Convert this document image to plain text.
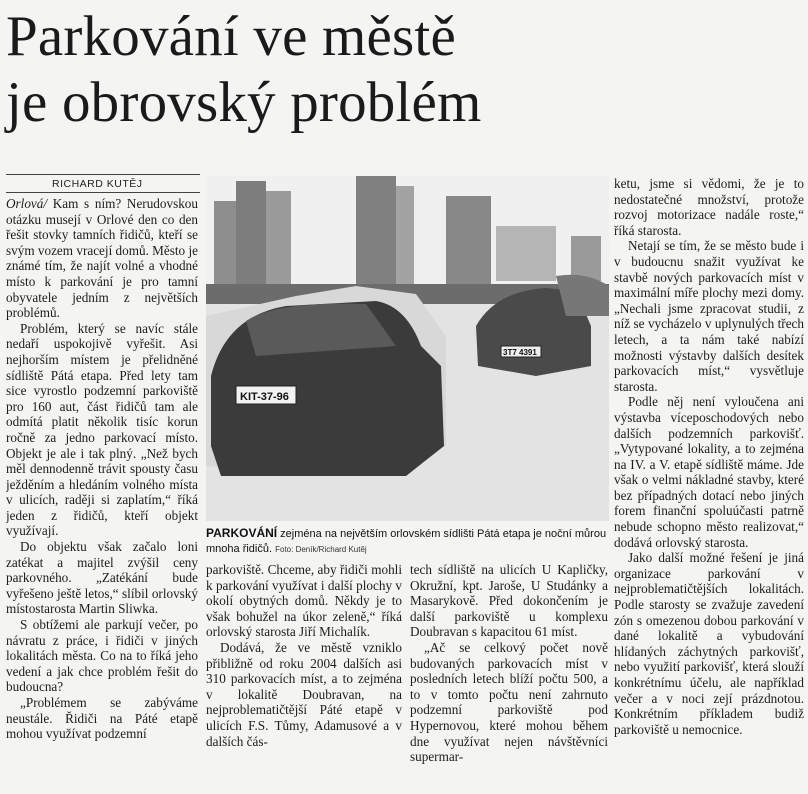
Parkování ve městě
je obrovský problém
RICHARD KUTĚJ

Orlová/ Kam s ním? Nerudovskou otázku musejí v Orlové den co den řešit stovky tamních řidičů, kteří se svým vozem vracejí domů. Město je známé tím, že najít volné a vhodné místo k parkování je pro tamní obyvatele jedním z největších problémů.

Problém, který se navíc stále nedaří uspokojivě vyřešit. Asi nejhorším místem je přelidněné sídliště Pátá etapa. Před lety tam sice vyrostlo podzemní parkoviště pro 160 aut, část řidičů tam ale odmítá platit několik tisíc korun ročně za jedno parkovací místo. Objekt je ale i tak plný. „Než bych měl dennodenně trávit spousty času ježděním a hledáním volného místa v ulicích, raději si zaplatím,“ říká jeden z řidičů, kteří objekt využívají.

Do objektu však začalo loni zatékat a majitel zvýšil ceny parkovného. „Zatékání bude vyřešeno ještě letos,“ slíbil orlovský místostarosta Martin Sliwka.

S obtížemi ale parkují večer, po návratu z práce, i řidiči v jiných lokalitách města. Co na to říká jeho vedení a jak chce problém řešit do budoucna?

„Problémem se zabýváme neustále. Řidiči na Páté etapě mohou využívat podzemní

KIT-37-96
3T7 4391
PARKOVÁNÍ zejména na největším orlovském sídlišti Pátá etapa je noční můrou mnoha řidičů. Foto: Deník/Richard Kutěj

parkoviště. Chceme, aby řidiči mohli k parkování využívat i další plochy v okolí obytných domů. Někdy je to však bohužel na úkor zeleně,“ říká orlovský starosta Jiří Michalík.

Dodává, že ve městě vzniklo přibližně od roku 2004 dalších asi 310 parkovacích míst, a to zejména v lokalitě Doubravan, na nejproblematičtější Páté etapě v ulicích F.S. Tůmy, Adamusové a v dalších čás-

tech sídliště na ulicích U Kapličky, Okružní, kpt. Jaroše, U Studánky a Masarykově. Před dokončením je další parkoviště u komplexu Doubravan s kapacitou 61 míst.

„Ač se celkový počet nově budovaných parkovacích míst v posledních letech blíží počtu 500, a to v tomto počtu není zahrnuto podzemní parkoviště pod Hypernovou, které mohou během dne využívat nejen návštěvníci supermar-

ketu, jsme si vědomi, že je to nedostatečné množství, protože rozvoj motorizace nadále roste,“ říká starosta.

Netají se tím, že se město bude i v budoucnu snažit využívat ke stavbě nových parkovacích míst v maximální míře plochy mezi domy. „Nechali jsme zpracovat studii, z níž se vycházelo v uplynulých třech letech, a ta nám také nabízí možnosti výstavby dalších desítek parkovacích míst,“ vysvětluje starosta.

Podle něj není vyloučena ani výstavba víceposchodových nebo dalších podzemních parkovišť. „Vytypované lokality, a to zejména na IV. a V. etapě sídliště máme. Jde však o velmi nákladné stavby, které bez případných dotací nebo jiných forem finanční spoluúčasti patrně nebude schopno město realizovat,“ dodává orlovský starosta.

Jako další možné řešení je jiná organizace parkování v nejproblematičtějších lokalitách. Podle starosty se zvažuje zavedení zón s omezenou dobou parkování v dané lokalitě a vybudování hlídaných záchytných parkovišť, nebo využití parkovišť, která slouží konkrétnímu účelu, ale například večer a v noci zejí prázdnotou. Konkrétním příkladem budiž parkoviště u nemocnice.
